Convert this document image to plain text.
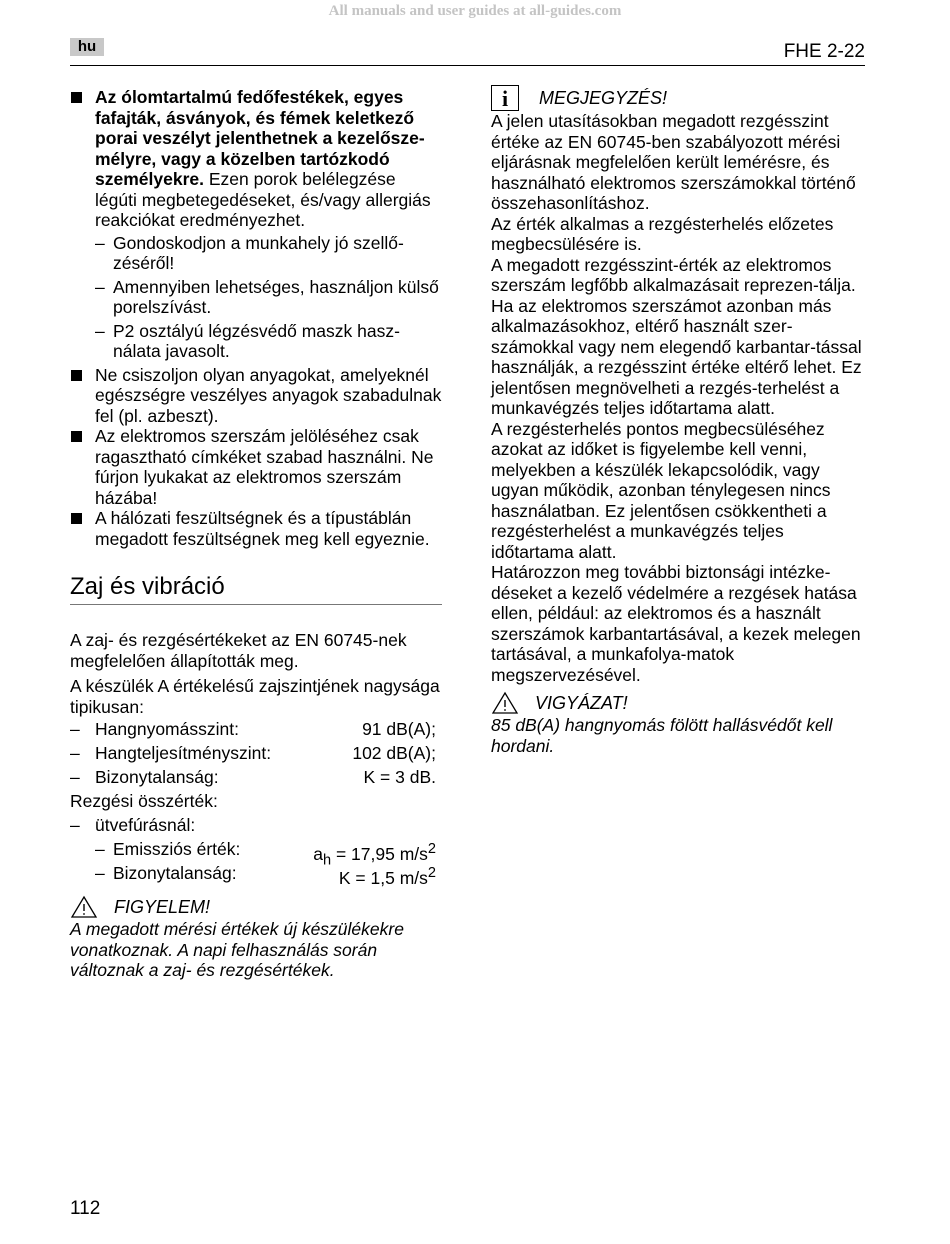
All manuals and user guides at all-guides.com
hu	FHE 2-22
Az ólomtartalmú fedőfestékek, egyes fafajták, ásványok, és fémek keletkező porai veszélyt jelenthetnek a kezelősze-mélyre, vagy a közelben tartózkodó személyekre. Ezen porok belélegzése légúti megbetegedéseket, és/vagy allergiás reakciókat eredményezhet.
– Gondoskodjon a munkahely jó szellő-zéséről!
– Amennyiben lehetséges, használjon külső porelszívást.
– P2 osztályú légzésvédő maszk hasz-nálata javasolt.
Ne csiszoljon olyan anyagokat, amelyeknél egészségre veszélyes anyagok szabadulnak fel (pl. azbeszt).
Az elektromos szerszám jelöléséhez csak ragasztható címkéket szabad használni. Ne fúrjon lyukakat az elektromos szerszám házába!
A hálózati feszültségnek és a típustáblán megadott feszültségnek meg kell egyeznie.
Zaj és vibráció
A zaj- és rezgésértékeket az EN 60745-nek megfelelően állapították meg.
A készülék A értékelésű zajszintjének nagysága tipikusan:
– Hangnyomásszint:	91 dB(A);
– Hangteljesítményszint:	102 dB(A);
– Bizonytalanság:	K = 3 dB.
Rezgési összérték:
– ütvefúrásnál:
– Emissziós érték:	$a_h = 17,95$ $m/s^2$
– Bizonytalanság:	K = 1,5 $m/s^2$
FIGYELEM!
A megadott mérési értékek új készülékekre vonatkoznak. A napi felhasználás során változnak a zaj- és rezgésértékek.
i	MEGJEGYZÉS!
A jelen utasításokban megadott rezgésszint értéke az EN 60745-ben szabályozott mérési eljárásnak megfelelően került lemérésre, és használható elektromos szerszámokkal történő összehasonlításhoz.
Az érték alkalmas a rezgésterhelés előzetes megbecsülésére is.
A megadott rezgésszint-érték az elektromos szerszám legfőbb alkalmazásait reprezen-tálja. Ha az elektromos szerszámot azonban más alkalmazásokhoz, eltérő használt szer-számokkal vagy nem elegendő karbantar-tással használják, a rezgésszint értéke eltérő lehet. Ez jelentősen megnövelheti a rezgés-terhelést a munkavégzés teljes időtartama alatt.
A rezgésterhelés pontos megbecsüléséhez azokat az időket is figyelembe kell venni, melyekben a készülék lekapcsolódik, vagy ugyan működik, azonban ténylegesen nincs használatban. Ez jelentősen csökkentheti a rezgésterhelést a munkavégzés teljes időtartama alatt.
Határozzon meg további biztonsági intézke-déseket a kezelő védelmére a rezgések hatása ellen, például: az elektromos és a használt szerszámok karbantartásával, a kezek melegen tartásával, a munkafolya-matok megszervezésével.
VIGYÁZAT!
85 dB(A) hangnyomás fölött hallásvédőt kell hordani.
112
